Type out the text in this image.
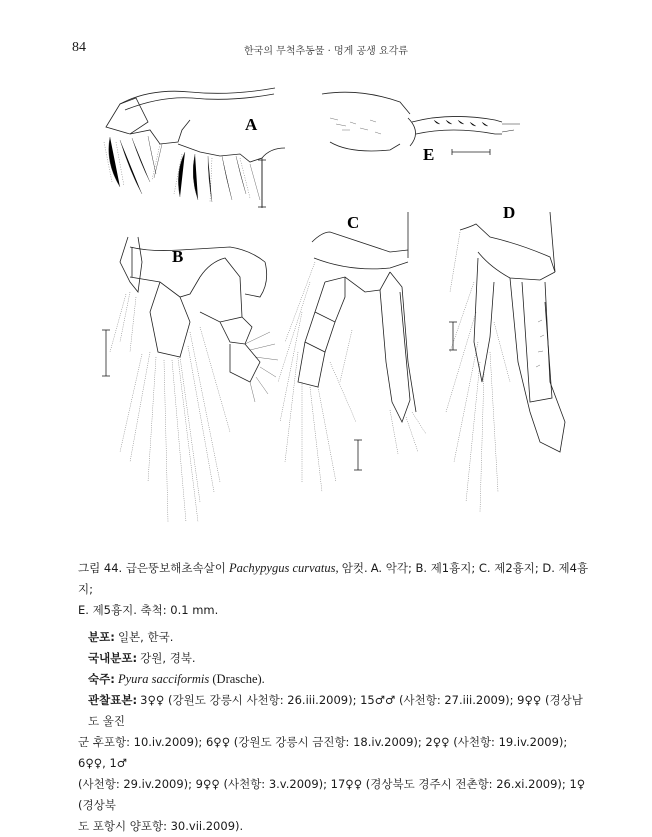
84	한국의 무척추동물 · 멍게 공생 요각류
A
E
B
C
D
그림 44. 급은뚱보해초속살이 Pachypygus curvatus, 암컷. A. 악각; B. 제1흉지; C. 제2흉지; D. 제4흉지;
E. 제5흉지. 축척: 0.1 mm.

분포: 일본, 한국.

국내분포: 강원, 경북.

숙주: Pyura sacciformis (Drasche).

관찰표본: 3♀♀ (강원도 강릉시 사천항: 26.iii.2009); 15♂♂ (사천항: 27.iii.2009); 9♀♀ (경상남도 울진

군 후포항: 10.iv.2009); 6♀♀ (강원도 강릉시 금진항: 18.iv.2009); 2♀♀ (사천항: 19.iv.2009); 6♀♀, 1♂

(사천항: 29.iv.2009); 9♀♀ (사천항: 3.v.2009); 17♀♀ (경상북도 경주시 전촌항: 26.xi.2009); 1♀ (경상북

도 포항시 양포항: 30.vii.2009).
